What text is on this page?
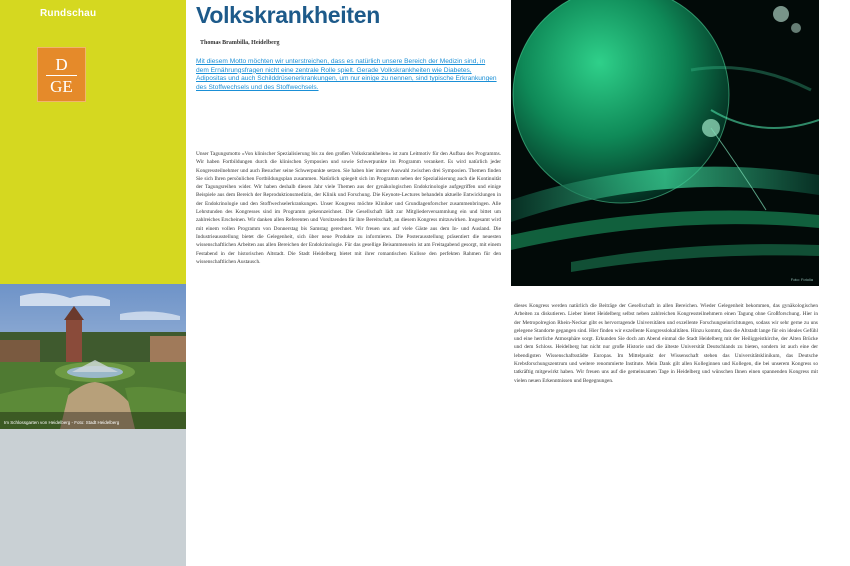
Rundschau
D
GE
Im Schlossgarten von Heidelberg - Foto: Stadt Heidelberg
Volkskrankheiten
Thomas Brambilla, Heidelberg
Mit diesem Motto möchten wir unterstreichen, dass es natürlich unsere Bereich der Medizin sind, in dem Ernährungsfragen nicht eine zentrale Rolle spielt. Gerade Volkskrankheiten wie Diabetes, Adipositas und auch Schilddrüsenerkrankungen, um nur einige zu nennen, sind typische Erkrankungen des Stoffwechsels und des Stoffwechsels.
Unser Tagungsmotto »Von klinischer Spezialisierung bis zu den großen Volkskrankheiten« ist zum Leitmotiv für den Aufbau des Programms. Wir haben Fortbildungen durch die klinischen Symposien und sowie Schwerpunkte im Programm verankert. Es wird natürlich jeder Kongressteilnehmer und auch Besucher seine Schwerpunkte setzen. Sie haben hier immer Auswahl zwischen drei Symposien. Themen finden Sie sich Ihren persönlichen Fortbildungsplan zusammen. Natürlich spiegelt sich im Programm neben der Spezialisierung auch die Kontinuität der Tagungsreihen wider. Wir haben deshalb diesen Jahr viele Themen aus der gynäkologischen Endokrinologie aufgegriffen und einige Beispiele aus dem Bereich der Reproduktionsmedizin, der Klinik und Forschung. Die Keynote-Lectures behandeln aktuelle Entwicklungen in der Endokrinologie und den Stoffwechselerkrankungen. Unser Kongress möchte Kliniker und Grundlagenforscher zusammenbringen. Alle Lehrstunden des Kongresses sind im Programm gekennzeichnet. Die Gesellschaft lädt zur Mitgliederversammlung ein und bittet um zahlreiches Erscheinen. Wir danken allen Referenten und Vorsitzenden für ihre Bereitschaft, an diesem Kongress mitzuwirken. Insgesamt wird mit einem vollen Programm von Donnerstag bis Samstag gerechnet. Wir freuen uns auf viele Gäste aus dem In- und Ausland. Die Industrieausstellung bietet die Gelegenheit, sich über neue Produkte zu informieren. Die Posterausstellung präsentiert die neuesten wissenschaftlichen Arbeiten aus allen Bereichen der Endokrinologie. Für das gesellige Beisammensein ist am Freitagabend gesorgt, mit einem Festabend in der historischen Altstadt. Die Stadt Heidelberg bietet mit ihrer romantischen Kulisse den perfekten Rahmen für den wissenschaftlichen Austausch.
Foto: Fotolia
dieses Kongress werden natürlich die Beiträge der Gesellschaft in allen Bereichen. Wieder Gelegenheit bekommen, das gynäkologischen Arbeiten zu diskutieren. Lieber bietet Heidelberg selbst neben zahlreichen Kongressteilnehmern einen Tagung ohne Großforschung. Hier in der Metropolregion Rhein-Neckar gibt es hervorragende Universitäten und exzellente Forschungseinrichtungen, sodass wir sehr gerne zu uns gelegene Standorte gegangen sind. Hier finden wir exzellente Kongresslokalitäten. Hinzu kommt, dass die Altstadt lange für ein ideales Gefühl und eine herrliche Atmosphäre sorgt. Erkunden Sie doch am Abend einmal die Stadt Heidelberg mit der Heiliggeistkirche, der Alten Brücke und dem Schloss. Heidelberg hat nicht nur große Historie und die älteste Universität Deutschlands zu bieten, sondern ist auch eine der lebendigsten Wissenschaftsstädte Europas. Im Mittelpunkt der Wissenschaft stehen das Universitätsklinikum, das Deutsche Krebsforschungszentrum und weitere renommierte Institute. Mein Dank gilt allen Kolleginnen und Kollegen, die bei unserem Kongress so tatkräftig mitgewirkt haben. Wir freuen uns auf die gemeinsamen Tage in Heidelberg und wünschen Ihnen einen spannenden Kongress mit vielen neuen Erkenntnissen und Begegnungen.
